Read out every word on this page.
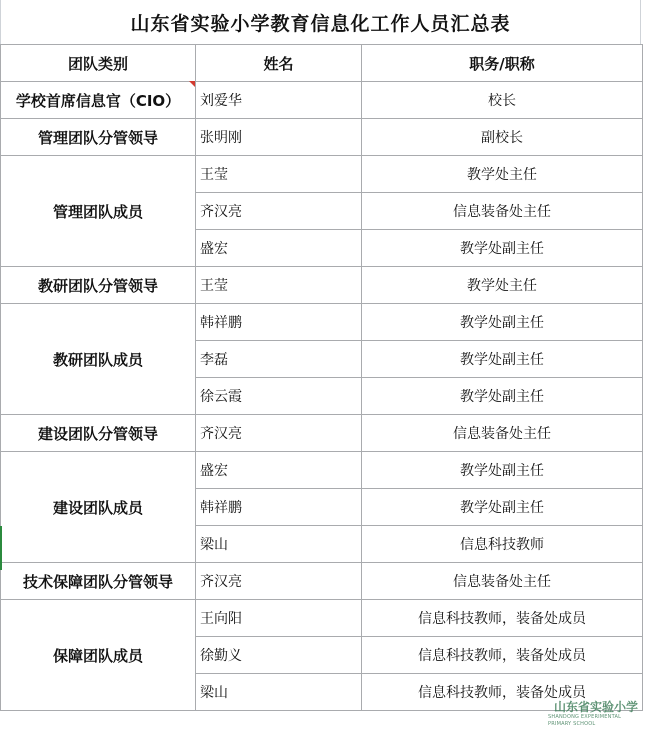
山东省实验小学教育信息化工作人员汇总表
团队类别	姓名	职务/职称
学校首席信息官（CIO）	刘爱华	校长
管理团队分管领导	张明刚	副校长
管理团队成员	王莹	教学处主任
	齐汉亮	信息装备处主任
	盛宏	教学处副主任
教研团队分管领导	王莹	教学处主任
教研团队成员	韩祥鹏	教学处副主任
	李磊	教学处副主任
	徐云霞	教学处副主任
建设团队分管领导	齐汉亮	信息装备处主任
建设团队成员	盛宏	教学处副主任
	韩祥鹏	教学处副主任
	梁山	信息科技教师
技术保障团队分管领导	齐汉亮	信息装备处主任
保障团队成员	王向阳	信息科技教师，装备处成员
	徐勤义	信息科技教师，装备处成员
	梁山	信息科技教师，装备处成员
山东省实验小学
SHANDONG EXPERIMENTAL PRIMARY SCHOOL
